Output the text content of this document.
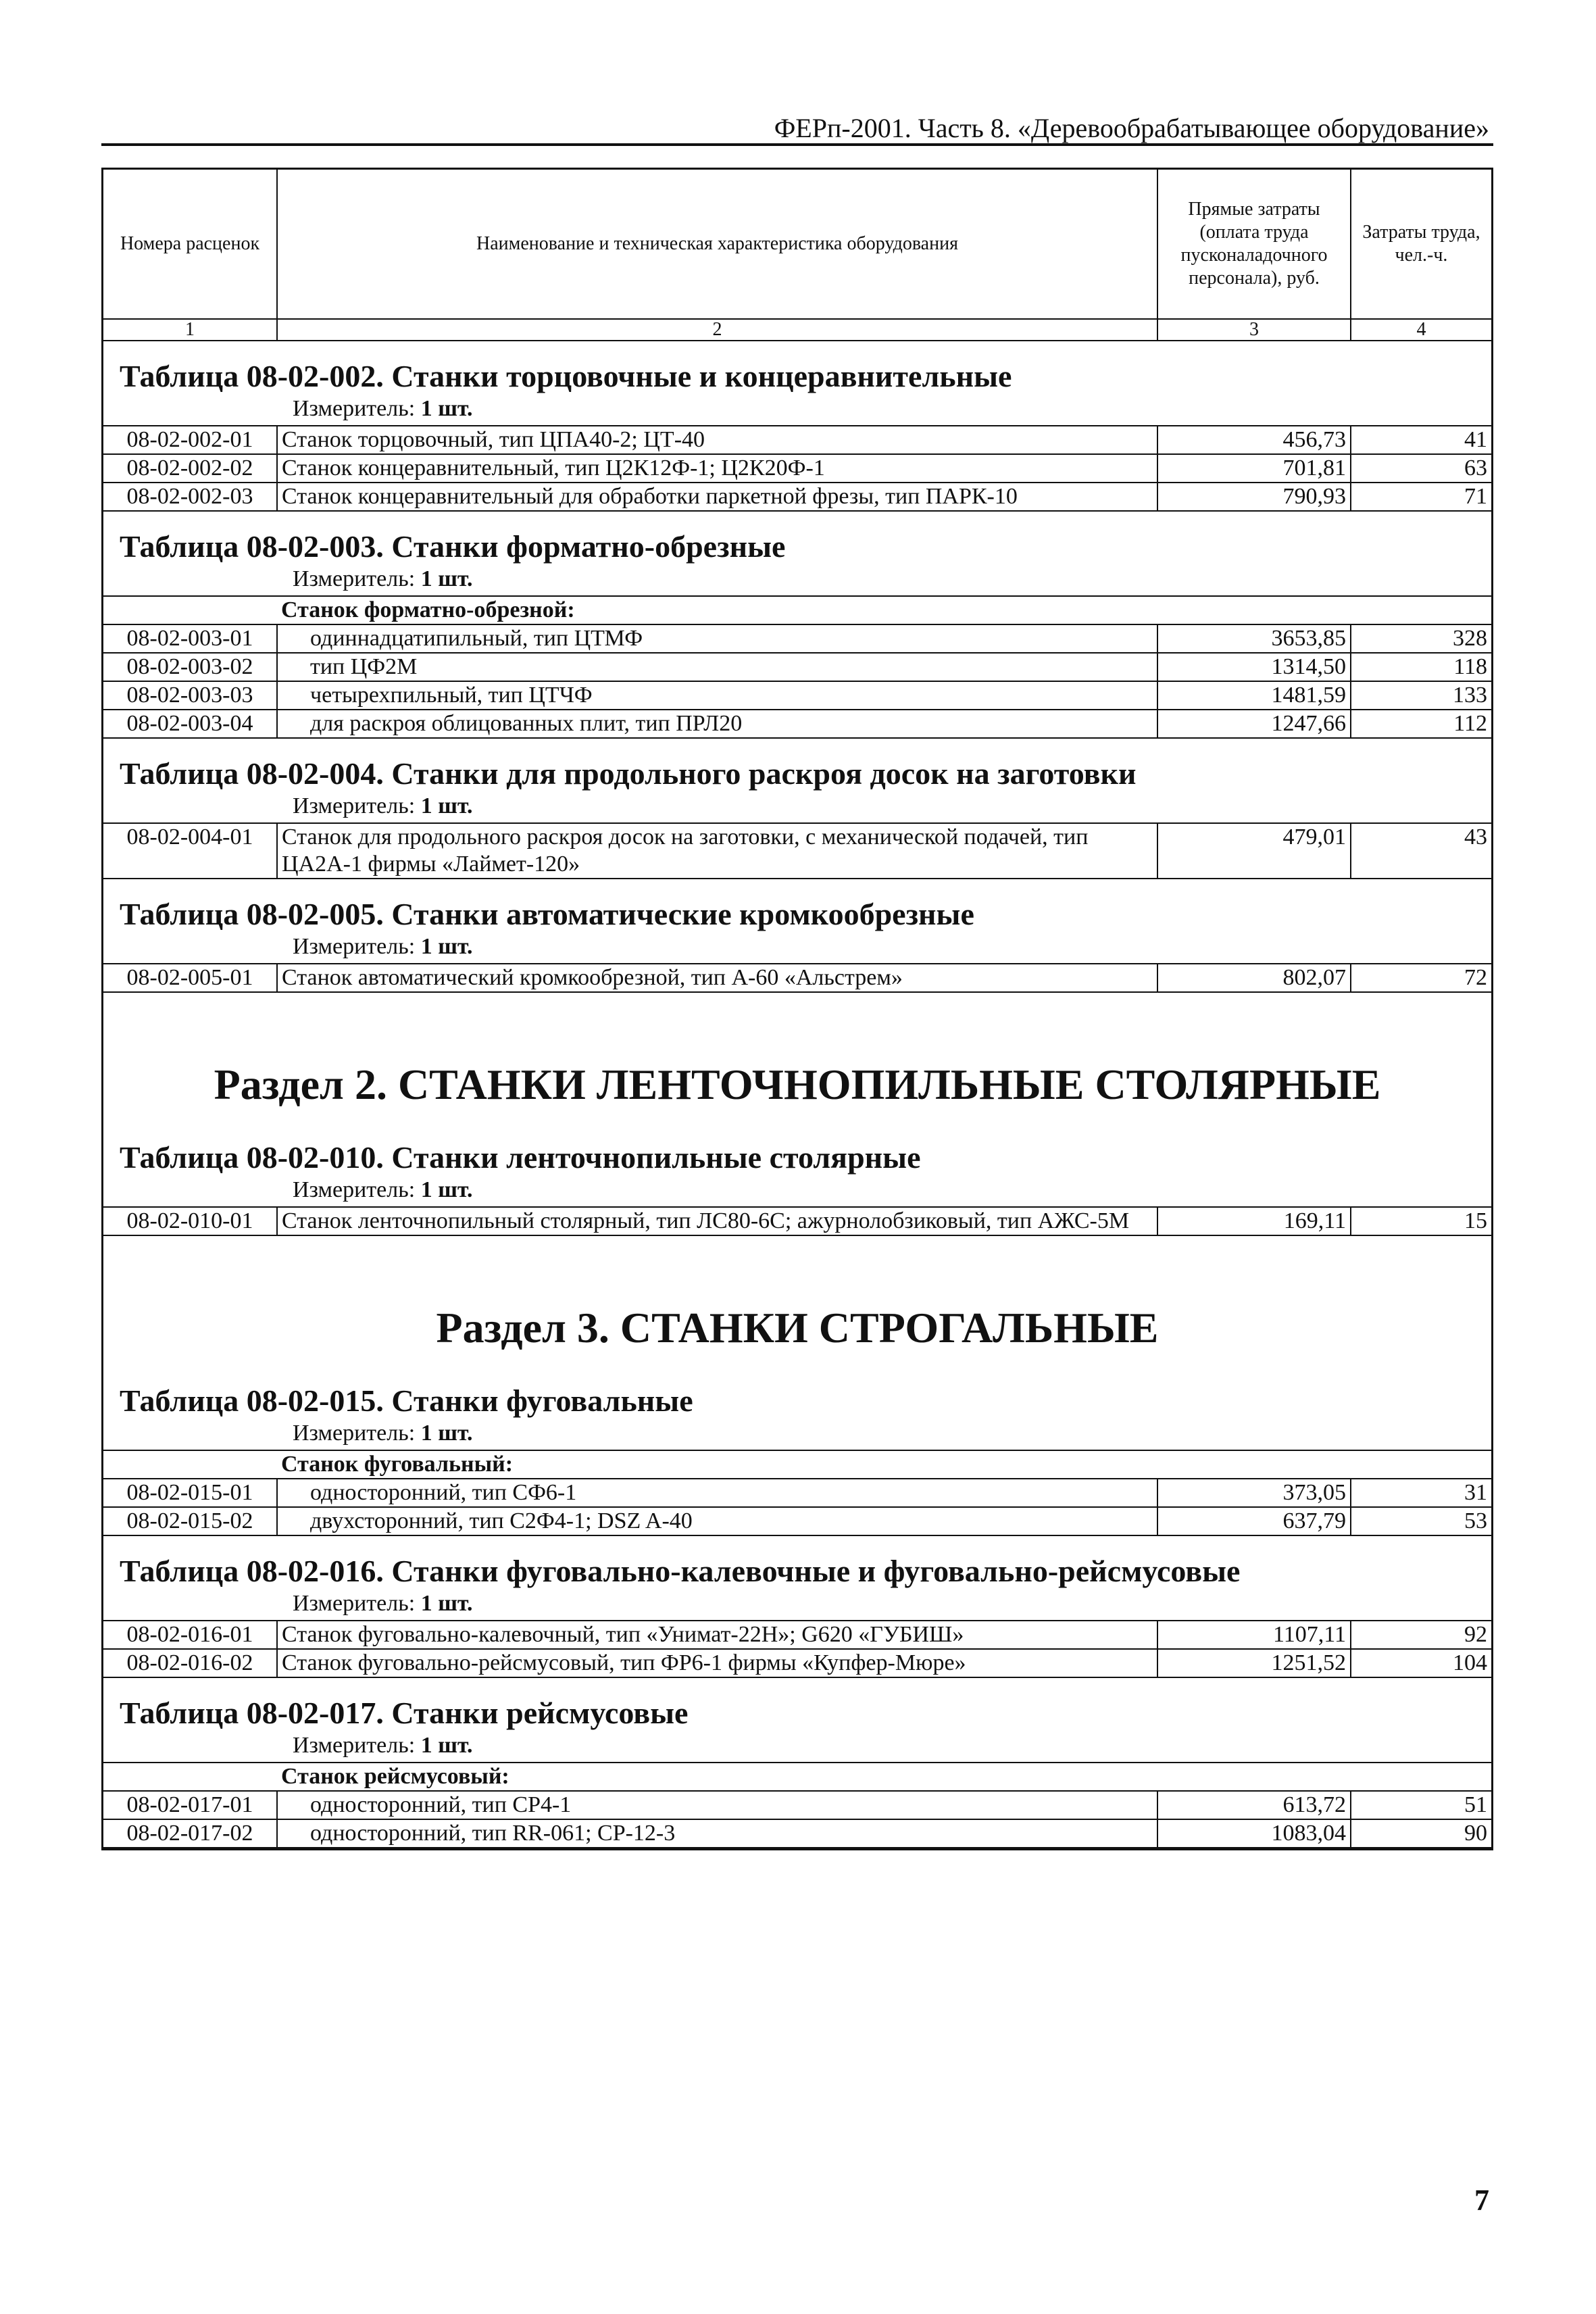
ФЕРп-2001. Часть 8. «Деревообрабатывающее оборудование»
Номера расценок	Наименование и техническая характеристика оборудования	Прямые затраты (оплата труда пусконаладочного персонала), руб.	Затраты труда, чел.-ч.
1	2	3	4

Таблица 08-02-002. Станки торцовочные и концеравнительные

Измеритель: 1 шт.

08-02-002-01	Станок торцовочный, тип ЦПА40-2; ЦТ-40	456,73	41
08-02-002-02	Станок концеравнительный, тип Ц2К12Ф-1; Ц2К20Ф-1	701,81	63
08-02-002-03	Станок концеравнительный для обработки паркетной фрезы, тип ПАРК-10	790,93	71

Таблица 08-02-003. Станки форматно-обрезные

Измеритель: 1 шт.

	Станок форматно-обрезной:		
08-02-003-01	одиннадцатипильный, тип ЦТМФ	3653,85	328
08-02-003-02	тип ЦФ2М	1314,50	118
08-02-003-03	четырехпильный, тип ЦТЧФ	1481,59	133
08-02-003-04	для раскроя облицованных плит, тип ПРЛ20	1247,66	112

Таблица 08-02-004. Станки для продольного раскроя досок на заготовки

Измеритель: 1 шт.

08-02-004-01	Станок для продольного раскроя досок на заготовки, с механической подачей, тип ЦА2А-1 фирмы «Лаймет-120»	479,01	43

Таблица 08-02-005. Станки автоматические кромкообрезные

Измеритель: 1 шт.

08-02-005-01	Станок автоматический кромкообрезной, тип А-60 «Альстрем»	802,07	72

Раздел 2. СТАНКИ ЛЕНТОЧНОПИЛЬНЫЕ СТОЛЯРНЫЕ

Таблица 08-02-010. Станки ленточнопильные столярные

Измеритель: 1 шт.

08-02-010-01	Станок ленточнопильный столярный, тип ЛС80-6С; ажурнолобзиковый, тип АЖС-5М	169,11	15

Раздел 3. СТАНКИ СТРОГАЛЬНЫЕ

Таблица 08-02-015. Станки фуговальные

Измеритель: 1 шт.

	Станок фуговальный:		
08-02-015-01	односторонний, тип СФ6-1	373,05	31
08-02-015-02	двухсторонний, тип С2Ф4-1; DSZ A-40	637,79	53

Таблица 08-02-016. Станки фуговально-калевочные и фуговально-рейсмусовые

Измеритель: 1 шт.

08-02-016-01	Станок фуговально-калевочный, тип «Унимат-22Н»; G620 «ГУБИШ»	1107,11	92
08-02-016-02	Станок фуговально-рейсмусовый, тип ФР6-1 фирмы «Купфер-Мюре»	1251,52	104

Таблица 08-02-017. Станки рейсмусовые

Измеритель: 1 шт.

	Станок рейсмусовый:		
08-02-017-01	односторонний, тип СР4-1	613,72	51
08-02-017-02	односторонний, тип RR-061; СР-12-3	1083,04	90
7
